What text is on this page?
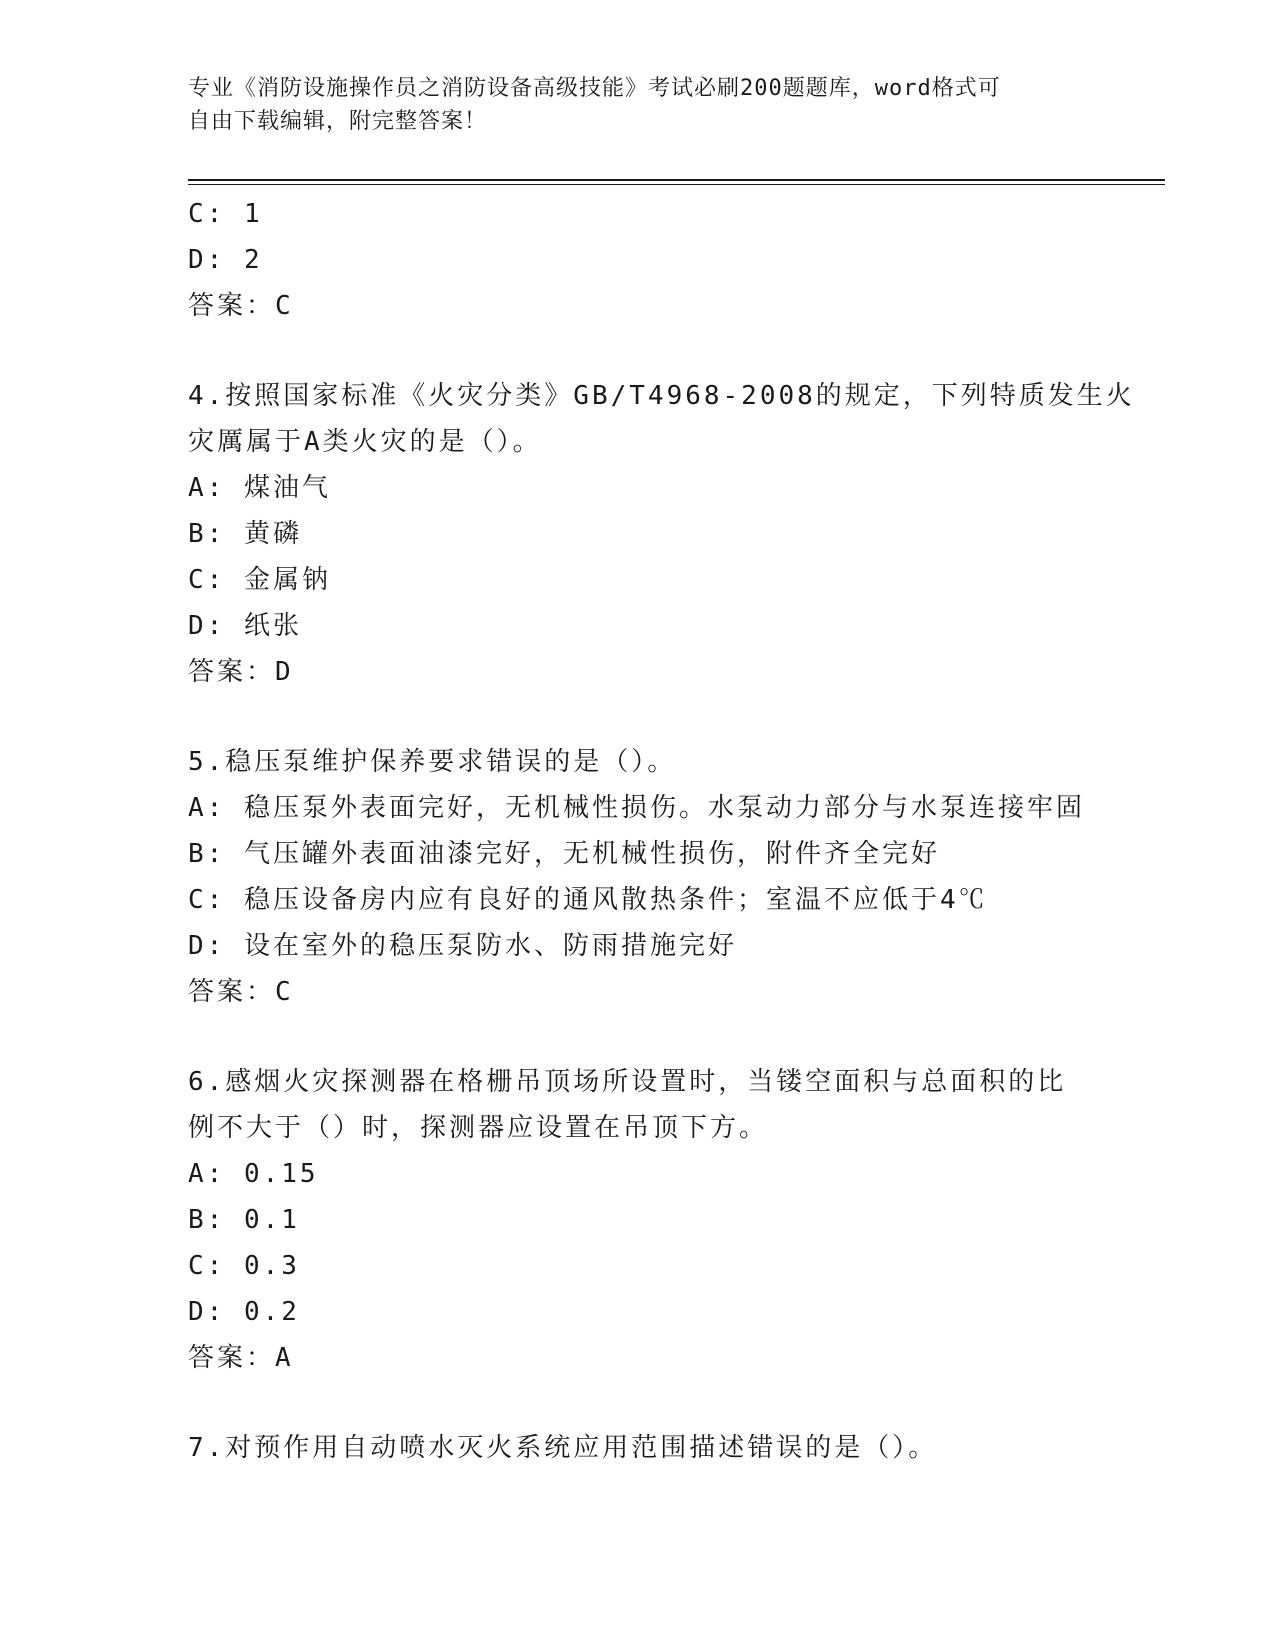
专业《消防设施操作员之消防设备高级技能》考试必刷200题题库，word格式可
自由下载编辑，附完整答案！
C: 1
D: 2
答案：C
4.按照国家标准《火灾分类》GB/T4968-2008的规定，下列特质发生火
灾厲属于A类火灾的是（）。
A: 煤油气
B: 黄磷
C: 金属钠
D: 纸张
答案：D
5.稳压泵维护保养要求错误的是（）。
A: 稳压泵外表面完好，无机械性损伤。水泵动力部分与水泵连接牢固
B: 气压罐外表面油漆完好，无机械性损伤，附件齐全完好
C: 稳压设备房内应有良好的通风散热条件；室温不应低于4℃
D: 设在室外的稳压泵防水、防雨措施完好
答案：C
6.感烟火灾探测器在格栅吊顶场所设置时，当镂空面积与总面积的比
例不大于（）时，探测器应设置在吊顶下方。
A: 0.15
B: 0.1
C: 0.3
D: 0.2
答案：A
7.对预作用自动喷水灭火系统应用范围描述错误的是（）。
